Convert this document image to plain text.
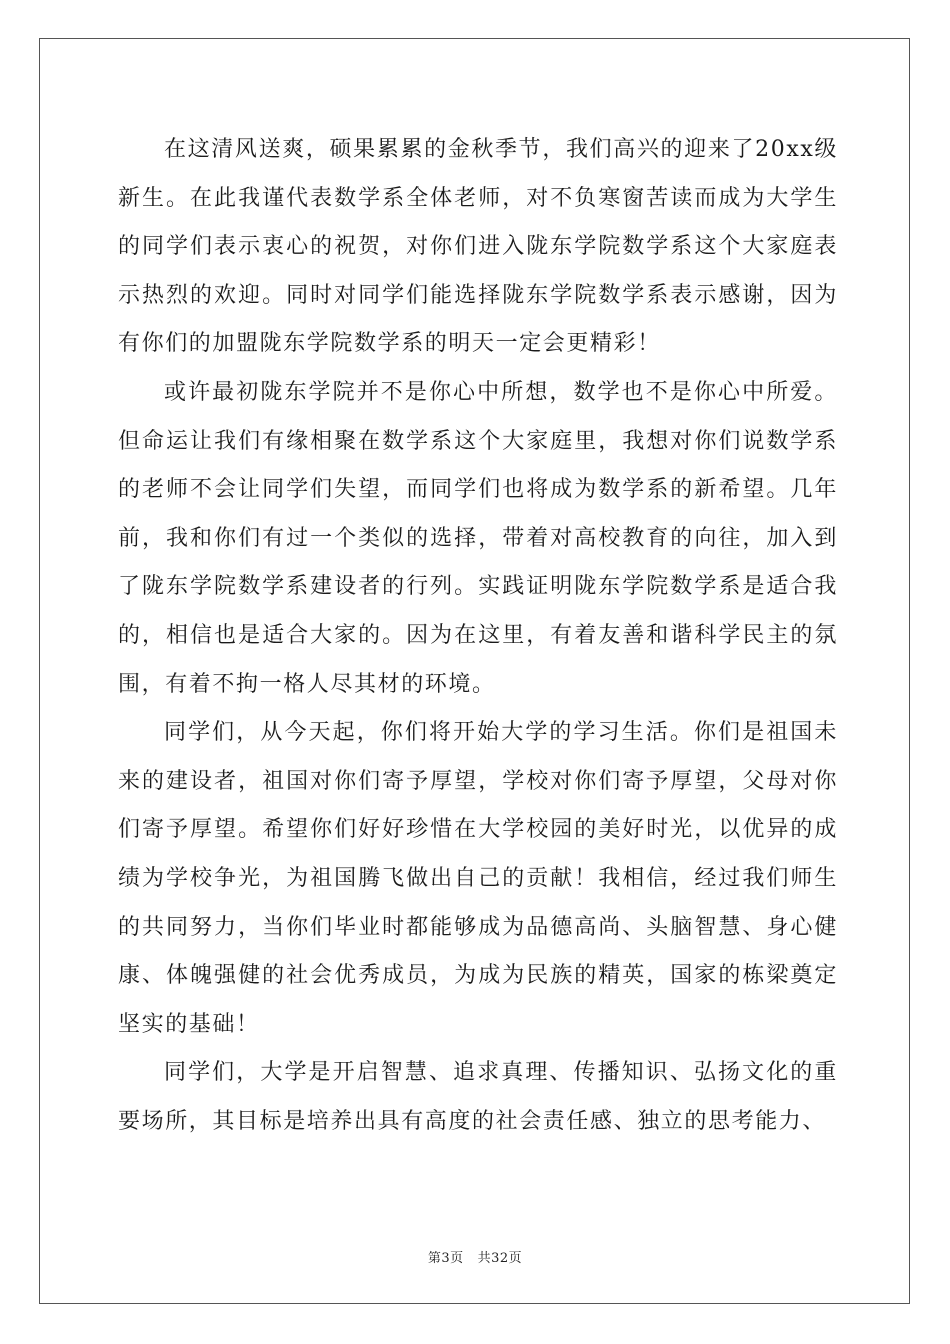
在这清风送爽，硕果累累的金秋季节，我们高兴的迎来了20xx级新生。在此我谨代表数学系全体老师，对不负寒窗苦读而成为大学生的同学们表示衷心的祝贺，对你们进入陇东学院数学系这个大家庭表示热烈的欢迎。同时对同学们能选择陇东学院数学系表示感谢，因为有你们的加盟陇东学院数学系的明天一定会更精彩！

或许最初陇东学院并不是你心中所想，数学也不是你心中所爱。但命运让我们有缘相聚在数学系这个大家庭里，我想对你们说数学系的老师不会让同学们失望，而同学们也将成为数学系的新希望。几年前，我和你们有过一个类似的选择，带着对高校教育的向往，加入到了陇东学院数学系建设者的行列。实践证明陇东学院数学系是适合我的，相信也是适合大家的。因为在这里，有着友善和谐科学民主的氛围，有着不拘一格人尽其材的环境。

同学们，从今天起，你们将开始大学的学习生活。你们是祖国未来的建设者，祖国对你们寄予厚望，学校对你们寄予厚望，父母对你们寄予厚望。希望你们好好珍惜在大学校园的美好时光，以优异的成绩为学校争光，为祖国腾飞做出自己的贡献！我相信，经过我们师生的共同努力，当你们毕业时都能够成为品德高尚、头脑智慧、身心健康、体魄强健的社会优秀成员，为成为民族的精英，国家的栋梁奠定坚实的基础！

同学们，大学是开启智慧、追求真理、传播知识、弘扬文化的重要场所，其目标是培养出具有高度的社会责任感、独立的思考能力、

第3页 共32页
